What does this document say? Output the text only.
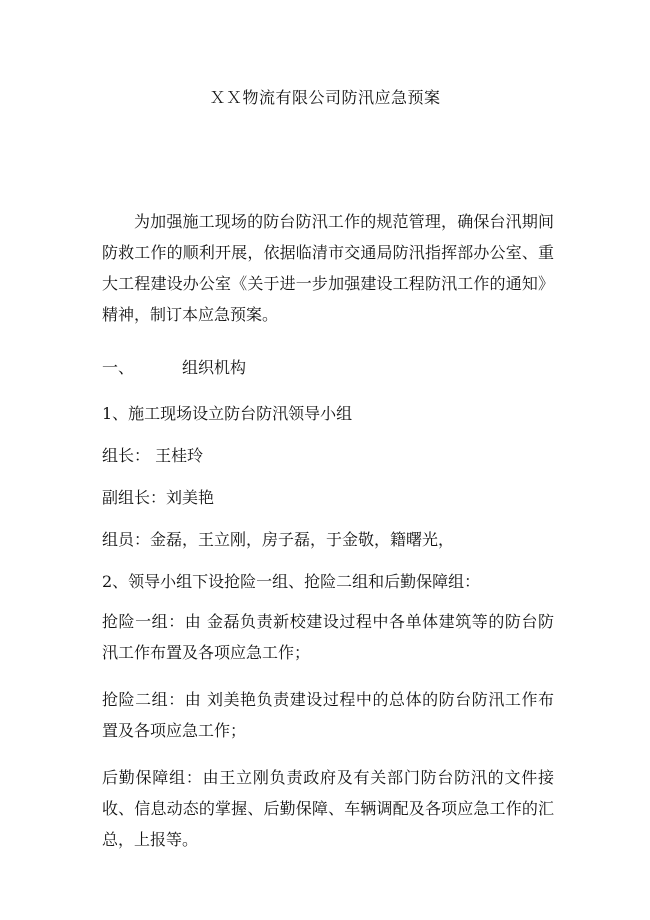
ＸＸ物流有限公司防汛应急预案

为加强施工现场的防台防汛工作的规范管理，确保台汛期间防救工作的顺利开展，依据临清市交通局防汛指挥部办公室、重大工程建设办公室《关于进一步加强建设工程防汛工作的通知》精神，制订本应急预案。

一、	组织机构
1、施工现场设立防台防汛领导小组
组长： 王桂玲
副组长：刘美艳
组员：金磊，王立刚，房子磊，于金敬，籍曙光，
2、领导小组下设抢险一组、抢险二组和后勤保障组：

抢险一组：由 金磊负责新校建设过程中各单体建筑等的防台防汛工作布置及各项应急工作；

抢险二组：由 刘美艳负责建设过程中的总体的防台防汛工作布置及各项应急工作；

后勤保障组：由王立刚负责政府及有关部门防台防汛的文件接收、信息动态的掌握、后勤保障、车辆调配及各项应急工作的汇总，上报等。
